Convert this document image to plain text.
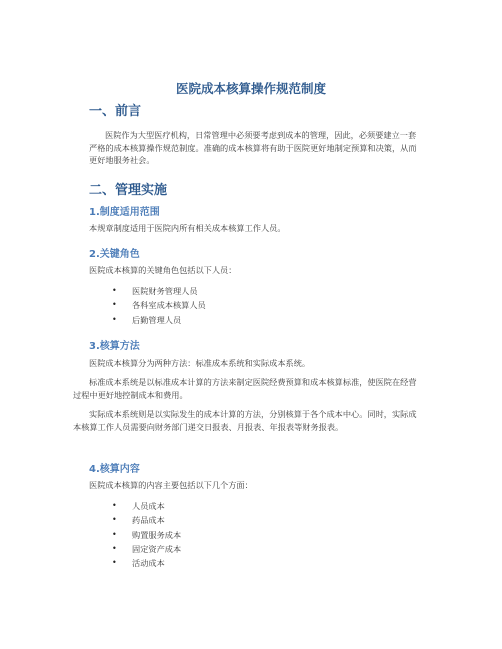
医院成本核算操作规范制度
一、前言

医院作为大型医疗机构，日常管理中必须要考虑到成本的管理，因此，必须要建立一套严格的成本核算操作规范制度。准确的成本核算将有助于医院更好地制定预算和决策，从而更好地服务社会。

二、管理实施
1.制度适用范围

本规章制度适用于医院内所有相关成本核算工作人员。

2.关键角色

医院成本核算的关键角色包括以下人员：

• 医院财务管理人员
• 各科室成本核算人员
• 后勤管理人员
3.核算方法

医院成本核算分为两种方法：标准成本系统和实际成本系统。

标准成本系统是以标准成本计算的方法来制定医院经费预算和成本核算标准，使医院在经营过程中更好地控制成本和费用。

实际成本系统则是以实际发生的成本计算的方法，分别核算于各个成本中心。同时，实际成本核算工作人员需要向财务部门递交日报表、月报表、年报表等财务报表。

4.核算内容

医院成本核算的内容主要包括以下几个方面：

• 人员成本
• 药品成本
• 购置服务成本
• 固定资产成本
• 活动成本
